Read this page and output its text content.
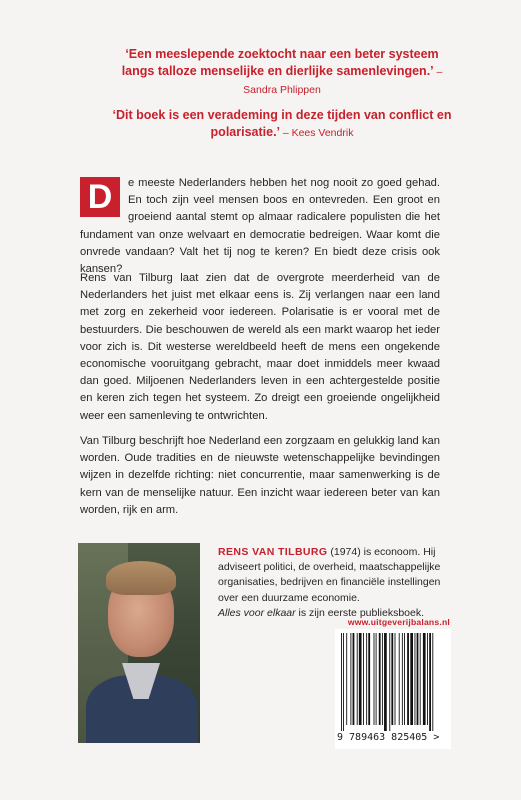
‘Een meeslepende zoektocht naar een beter systeem langs talloze menselijke en dierlijke samenlevingen.’ – Sandra Phlippen
‘Dit boek is een verademing in deze tijden van conflict en polarisatie.’ – Kees Vendrik
D	e meeste Nederlanders hebben het nog nooit zo goed gehad. En toch zijn veel mensen boos en ontevreden. Een groot en groeiend aantal stemt op almaar radicalere populisten die het fundament van onze welvaart en democratie bedreigen. Waar komt die onvrede vandaan? Valt het tij nog te keren? En biedt deze crisis ook kansen?
Rens van Tilburg laat zien dat de overgrote meerderheid van de Nederlanders het juist met elkaar eens is. Zij verlangen naar een land met zorg en zekerheid voor iedereen. Polarisatie is er vooral met de bestuurders. Die beschouwen de wereld als een markt waarop het ieder voor zich is. Dit westerse wereldbeeld heeft de mens een ongekende economische vooruitgang gebracht, maar doet inmiddels meer kwaad dan goed. Miljoenen Nederlanders leven in een achtergestelde positie en keren zich tegen het systeem. Zo dreigt een groeiende ongelijkheid weer een samenleving te ontwrichten.
Van Tilburg beschrijft hoe Nederland een zorgzaam en gelukkig land kan worden. Oude tradities en de nieuwste wetenschappelijke bevindingen wijzen in dezelfde richting: niet concurrentie, maar samenwerking is de kern van de menselijke natuur. Een inzicht waar iedereen beter van kan worden, rijk en arm.
RENS VAN TILBURG (1974) is econoom. Hij adviseert politici, de overheid, maatschappelijke organisaties, bedrijven en financiële instellingen over een duurzame economie.
Alles voor elkaar is zijn eerste publieksboek.
www.uitgeverijbalans.nl
9 789463 825405 >
